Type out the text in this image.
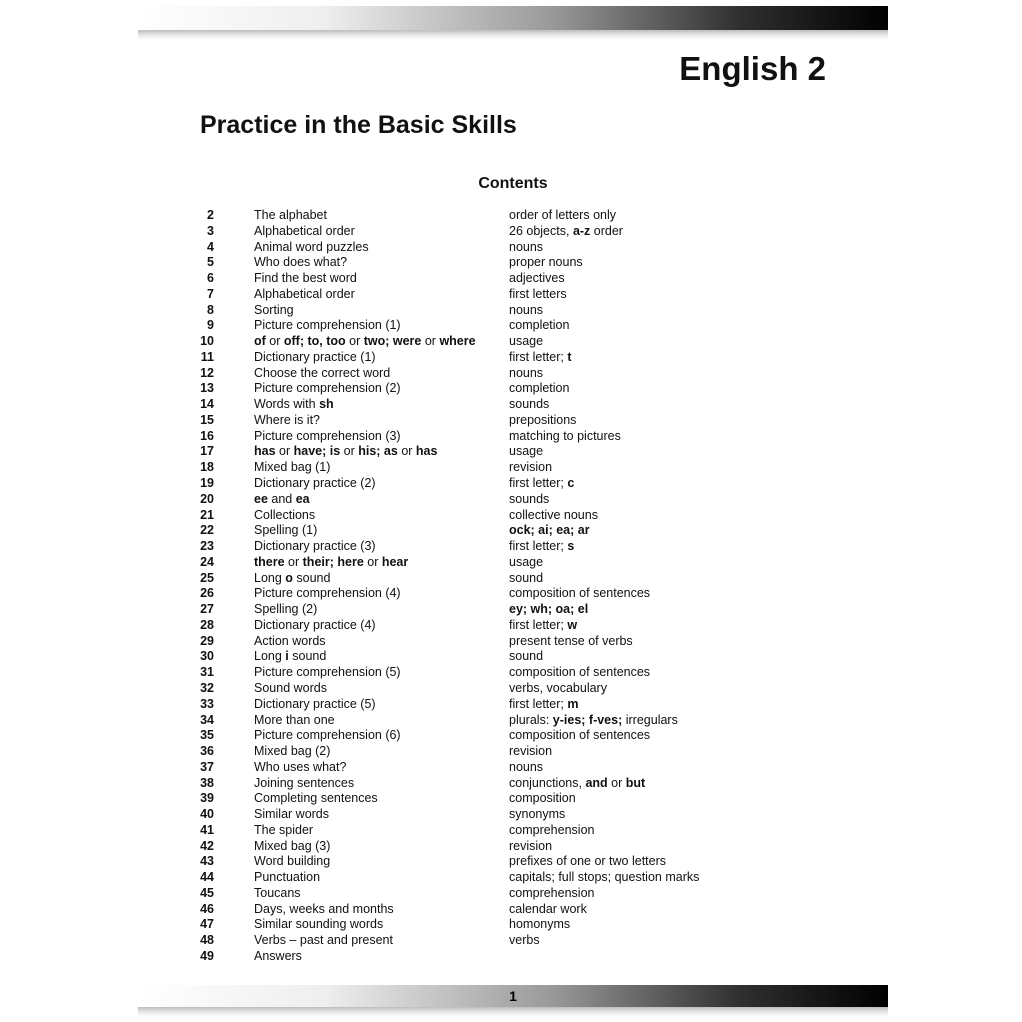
English 2
Practice in the Basic Skills
Contents
2	The alphabet	order of letters only
3	Alphabetical order	26 objects, a-z order
4	Animal word puzzles	nouns
5	Who does what?	proper nouns
6	Find the best word	adjectives
7	Alphabetical order	first letters
8	Sorting	nouns
9	Picture comprehension (1)	completion
10	of or off; to, too or two; were or where	usage
11	Dictionary practice (1)	first letter; t
12	Choose the correct word	nouns
13	Picture comprehension (2)	completion
14	Words with sh	sounds
15	Where is it?	prepositions
16	Picture comprehension (3)	matching to pictures
17	has or have; is or his; as or has	usage
18	Mixed bag (1)	revision
19	Dictionary practice (2)	first letter; c
20	ee and ea	sounds
21	Collections	collective nouns
22	Spelling (1)	ock; ai; ea; ar
23	Dictionary practice (3)	first letter; s
24	there or their; here or hear	usage
25	Long o sound	sound
26	Picture comprehension (4)	composition of sentences
27	Spelling (2)	ey; wh; oa; el
28	Dictionary practice (4)	first letter; w
29	Action words	present tense of verbs
30	Long i sound	sound
31	Picture comprehension (5)	composition of sentences
32	Sound words	verbs, vocabulary
33	Dictionary practice (5)	first letter; m
34	More than one	plurals: y-ies; f-ves; irregulars
35	Picture comprehension (6)	composition of sentences
36	Mixed bag (2)	revision
37	Who uses what?	nouns
38	Joining sentences	conjunctions, and or but
39	Completing sentences	composition
40	Similar words	synonyms
41	The spider	comprehension
42	Mixed bag (3)	revision
43	Word building	prefixes of one or two letters
44	Punctuation	capitals; full stops; question marks
45	Toucans	comprehension
46	Days, weeks and months	calendar work
47	Similar sounding words	homonyms
48	Verbs – past and present	verbs
49	Answers
1
